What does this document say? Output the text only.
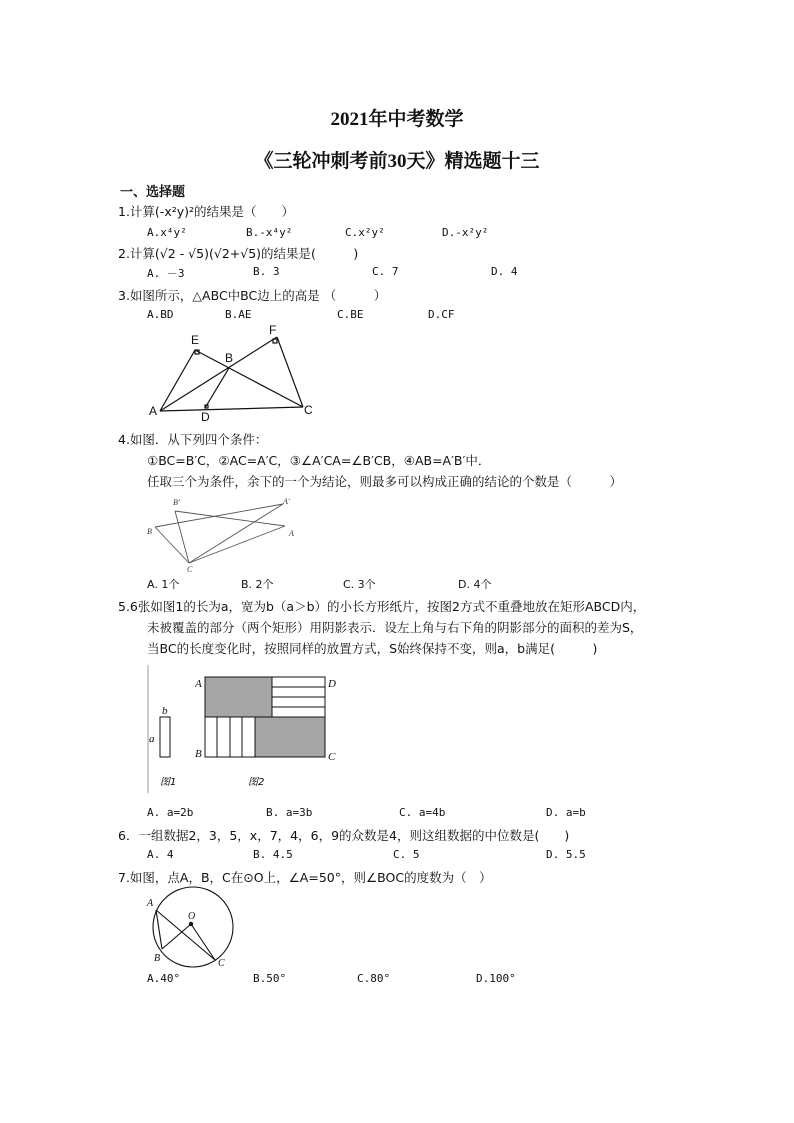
2021年中考数学
《三轮冲刺考前30天》精选题十三
一、选择题
1.计算(-x²y)²的结果是（　　）
A.x⁴y²	B.-x⁴y²	C.x²y²	D.-x²y²
2.计算(√2 - √5)(√2+√5)的结果是(　　　)
A. －3	B. 3	C. 7	D. 4
3.如图所示，△ABC中BC边上的高是 （　　　）
A.BD	B.AE	C.BE	D.CF
E
F
B
A	D	C
4.如图．从下列四个条件：
①BC=B′C，②AC=A′C，③∠A′CA=∠B′CB，④AB=A′B′中．
任取三个为条件，余下的一个为结论，则最多可以构成正确的结论的个数是（　　　）
B′
B
A′
A
C
A. 1个	B. 2个	C. 3个	D. 4个
5.6张如图1的长为a，宽为b（a＞b）的小长方形纸片，按图2方式不重叠地放在矩形ABCD内，
未被覆盖的部分（两个矩形）用阴影表示．设左上角与右下角的阴影部分的面积的差为S，
当BC的长度变化时，按照同样的放置方式，S始终保持不变，则a，b满足(　　　)
b
a
A	D
B	C
图1	图2
A. a=2b	B. a=3b	C. a=4b	D. a=b
6．一组数据2，3，5，x，7，4，6，9的众数是4，则这组数据的中位数是(　　)
A. 4	B. 4.5	C. 5	D. 5.5
7.如图，点A，B，C在⊙O上，∠A=50°，则∠BOC的度数为（　）
A
O
B	C
A.40°	B.50°	C.80°	D.100°
